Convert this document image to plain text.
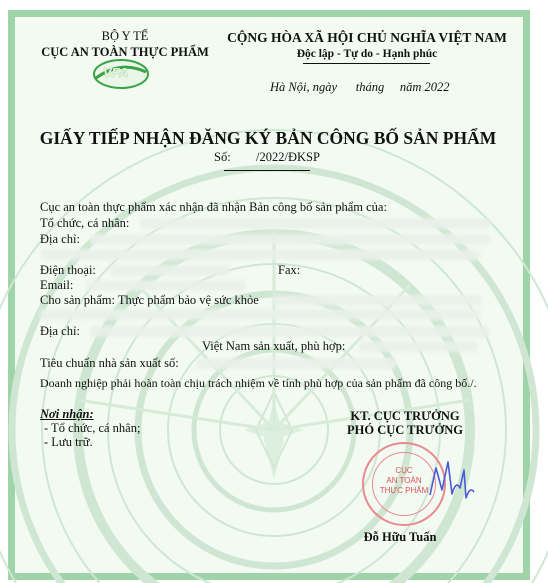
BỘ Y TẾ
CỤC AN TOÀN THỰC PHẨM
VFA
CỘNG HÒA XÃ HỘI CHỦ NGHĨA VIỆT NAM
Độc lập - Tự do - Hạnh phúc
Hà Nội, ngày      tháng     năm 2022
GIẤY TIẾP NHẬN ĐĂNG KÝ BẢN CÔNG BỐ SẢN PHẨM
Số: /2022/ĐKSP
Cục an toàn thực phẩm xác nhận đã nhận Bản công bố sản phẩm của:
Tổ chức, cá nhân:
Địa chỉ:
Điện thoại:	Fax:
Email:
Cho sản phẩm: Thực phẩm bảo vệ sức khỏe
Địa chỉ:
Việt Nam sản xuất, phù hợp:
Tiêu chuẩn nhà sản xuất số:
Doanh nghiệp phải hoàn toàn chịu trách nhiệm về tính phù hợp của sản phẩm đã công bố./.
Nơi nhận:
- Tổ chức, cá nhân;
- Lưu trữ.
KT. CỤC TRƯỞNG
PHÓ CỤC TRƯỞNG
CỤC
AN TOÀN
THỰC PHẨM
Đỗ Hữu Tuấn
